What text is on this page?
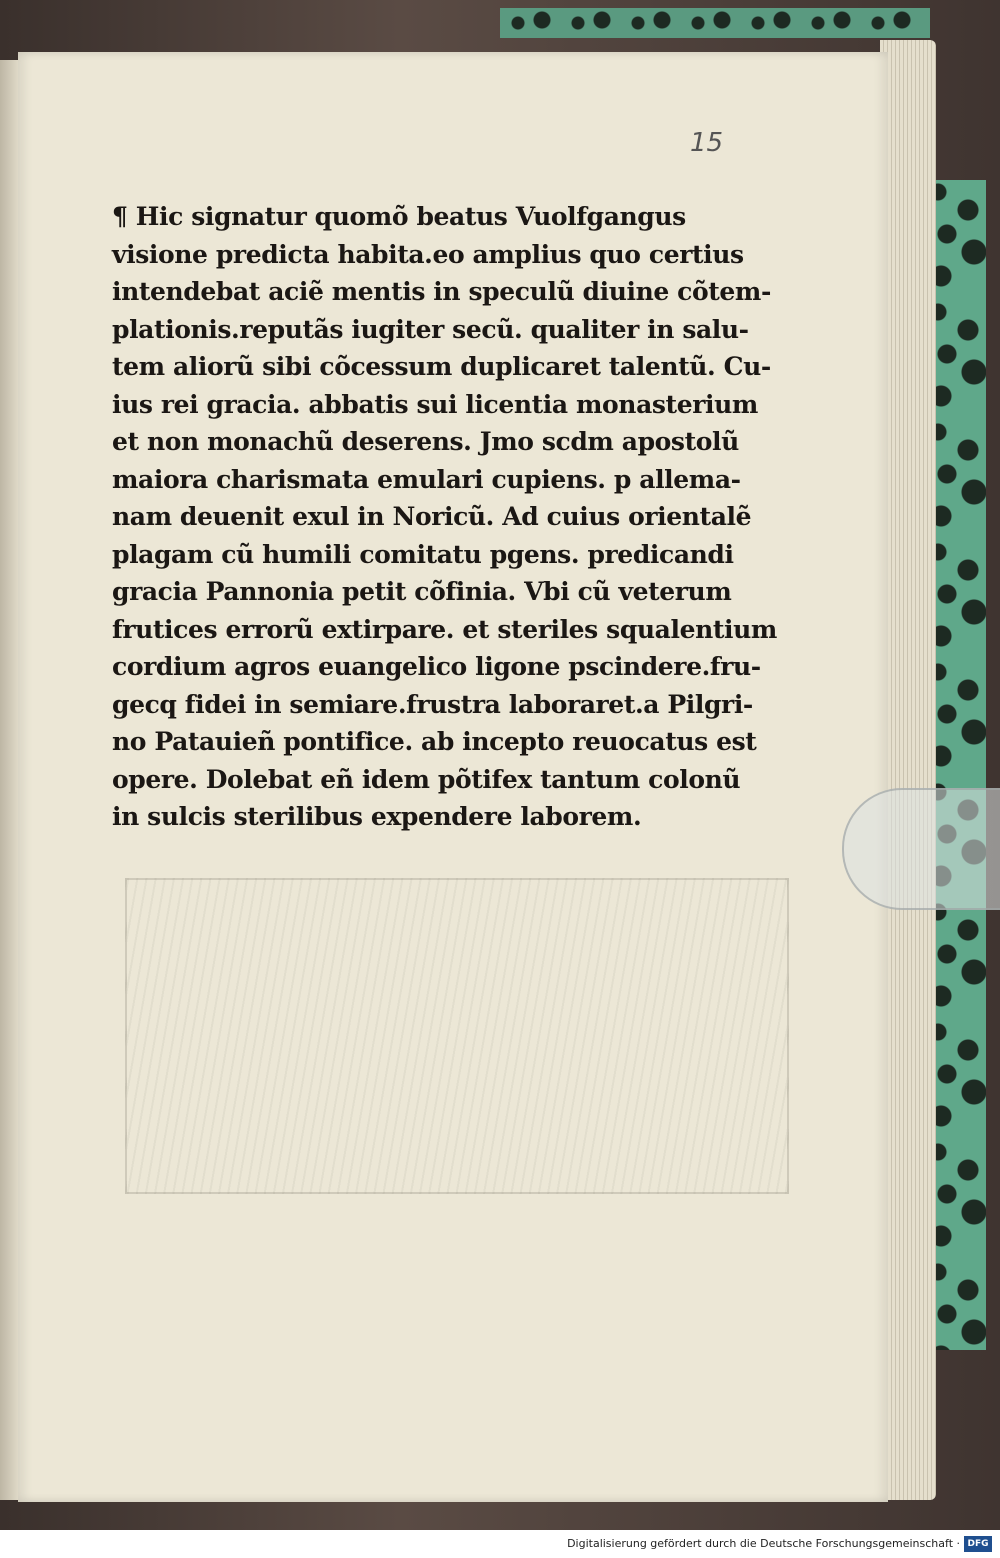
15
¶ Hic signatur quomõ beatus Vuolfgangus
visione predicta habita.eo amplius quo certius
intendebat aciẽ mentis in speculũ diuine cõtem-
plationis.reputãs iugiter secũ. qualiter in salu-
tem aliorũ sibi cõcessum duplicaret talentũ. Cu-
ius rei gracia. abbatis sui licentia monasterium
et non monachũ deserens. Jmo scdm apostolũ
maiora charismata emulari cupiens. p allema-
nam deuenit exul in Noricũ. Ad cuius orientalẽ
plagam cũ humili comitatu pgens. predicandi
gracia Pannonia petit cõfinia. Vbi cũ veterum
frutices errorũ extirpare. et steriles squalentium
cordium agros euangelico ligone pscindere.fru-
gecq fidei in semiare.frustra laboraret.a Pilgri-
no Patauieñ pontifice. ab incepto reuocatus est
opere. Dolebat eñ idem põtifex tantum colonũ
in sulcis sterilibus expendere laborem.
Digitalisierung gefördert durch die Deutsche Forschungsgemeinschaft · DFG
